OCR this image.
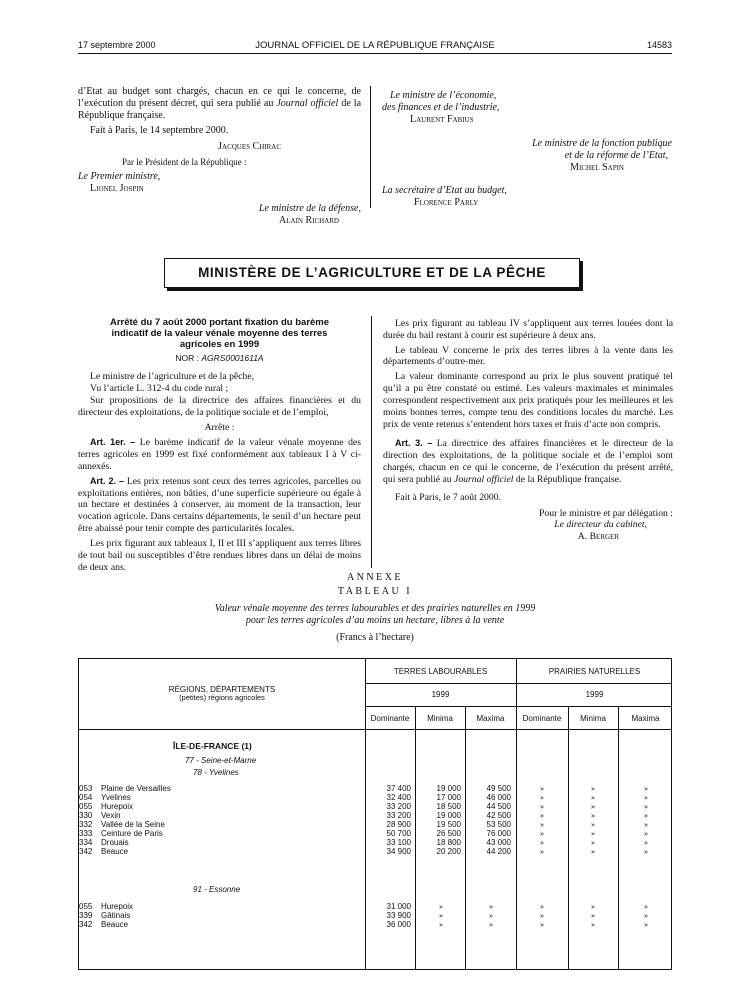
17 septembre 2000	JOURNAL OFFICIEL DE LA RÉPUBLIQUE FRANÇAISE	14583

d’Etat au budget sont chargés, chacun en ce qui le concerne, de l’exécution du présent décret, qui sera publié au Journal officiel de la République française.

Fait à Paris, le 14 septembre 2000.

Jacques Chirac

Par le Président de la République :

Le Premier ministre,

Lionel Jospin

Le ministre de la défense,

Alain Richard

Le ministre de l’économie,

des finances et de l’industrie,

Laurent Fabius

Le ministre de la fonction publique

et de la réforme de l’Etat,

Michel Sapin

La secrétaire d’Etat au budget,

Florence Parly

MINISTÈRE DE L’AGRICULTURE ET DE LA PÊCHE

Arrêté du 7 août 2000 portant fixation du barème indicatif de la valeur vénale moyenne des terres agricoles en 1999

NOR : AGRS0001611A

Le ministre de l’agriculture et de la pêche,

Vu l’article L. 312-4 du code rural ;

Sur propositions de la directrice des affaires financières et du directeur des exploitations, de la politique sociale et de l’emploi,

Arrête :

Art. 1er. – Le barème indicatif de la valeur vénale moyenne des terres agricoles en 1999 est fixé conformément aux tableaux I à V ci-annexés.

Art. 2. – Les prix retenus sont ceux des terres agricoles, parcelles ou exploitations entières, non bâties, d’une superficie supérieure ou égale à un hectare et destinées à conserver, au moment de la transaction, leur vocation agricole. Dans certains départements, le seuil d’un hectare peut être abaissé pour tenir compte des particularités locales.

Les prix figurant aux tableaux I, II et III s’appliquent aux terres libres de tout bail ou susceptibles d’être rendues libres dans un délai de moins de deux ans.

Les prix figurant au tableau IV s’appliquent aux terres louées dont la durée du bail restant à courir est supérieure à deux ans.

Le tableau V concerne le prix des terres libres à la vente dans les départements d’outre-mer.

La valeur dominante correspond au prix le plus souvent pratiqué tel qu’il a pu être constaté ou estimé. Les valeurs maximales et minimales correspondent respectivement aux prix pratiqués pour les meilleures et les moins bonnes terres, compte tenu des conditions locales du marché. Les prix de vente retenus s’entendent hors taxes et frais d’acte non compris.

Art. 3. – La directrice des affaires financières et le directeur de la direction des exploitations, de la politique sociale et de l’emploi sont chargés, chacun en ce qui le concerne, de l’exécution du présent arrêté, qui sera publié au Journal officiel de la République française.

Fait à Paris, le 7 août 2000.

Pour le ministre et par délégation :

Le directeur du cabinet,

A. Berger

ANNEXE

TABLEAU I

Valeur vénale moyenne des terres labourables et des prairies naturelles en 1999
pour les terres agricoles d’au moins un hectare, libres à la vente

(Francs à l’hectare)

RÉGIONS, DÉPARTEMENTS
(petites) régions agricoles
TERRES LABOURABLES	PRAIRIES NATURELLES
1999	1999
Dominante	Minima	Maxima	Dominante	Minima	Maxima
ÎLE-DE-FRANCE (1)
77 - Seine-et-Marne
78 - Yvelines
91 - Essonne
053	Plaine de Versailles	37 400	19 000	49 500	»	»	»
054	Yvelines	32 400	17 000	46 000	»	»	»
055	Hurepoix	33 200	18 500	44 500	»	»	»
330	Vexin	33 200	19 000	42 500	»	»	»
332	Vallée de la Seine	28 900	19 500	53 500	»	»	»
333	Ceinture de Paris	50 700	26 500	76 000	»	»	»
334	Drouais	33 100	18 800	43 000	»	»	»
342	Beauce	34 900	20 200	44 200	»	»	»
055	Hurepoix	31 000	»	»	»	»	»
339	Gâtinais	33 900	»	»	»	»	»
342	Beauce	36 000	»	»	»	»	»
